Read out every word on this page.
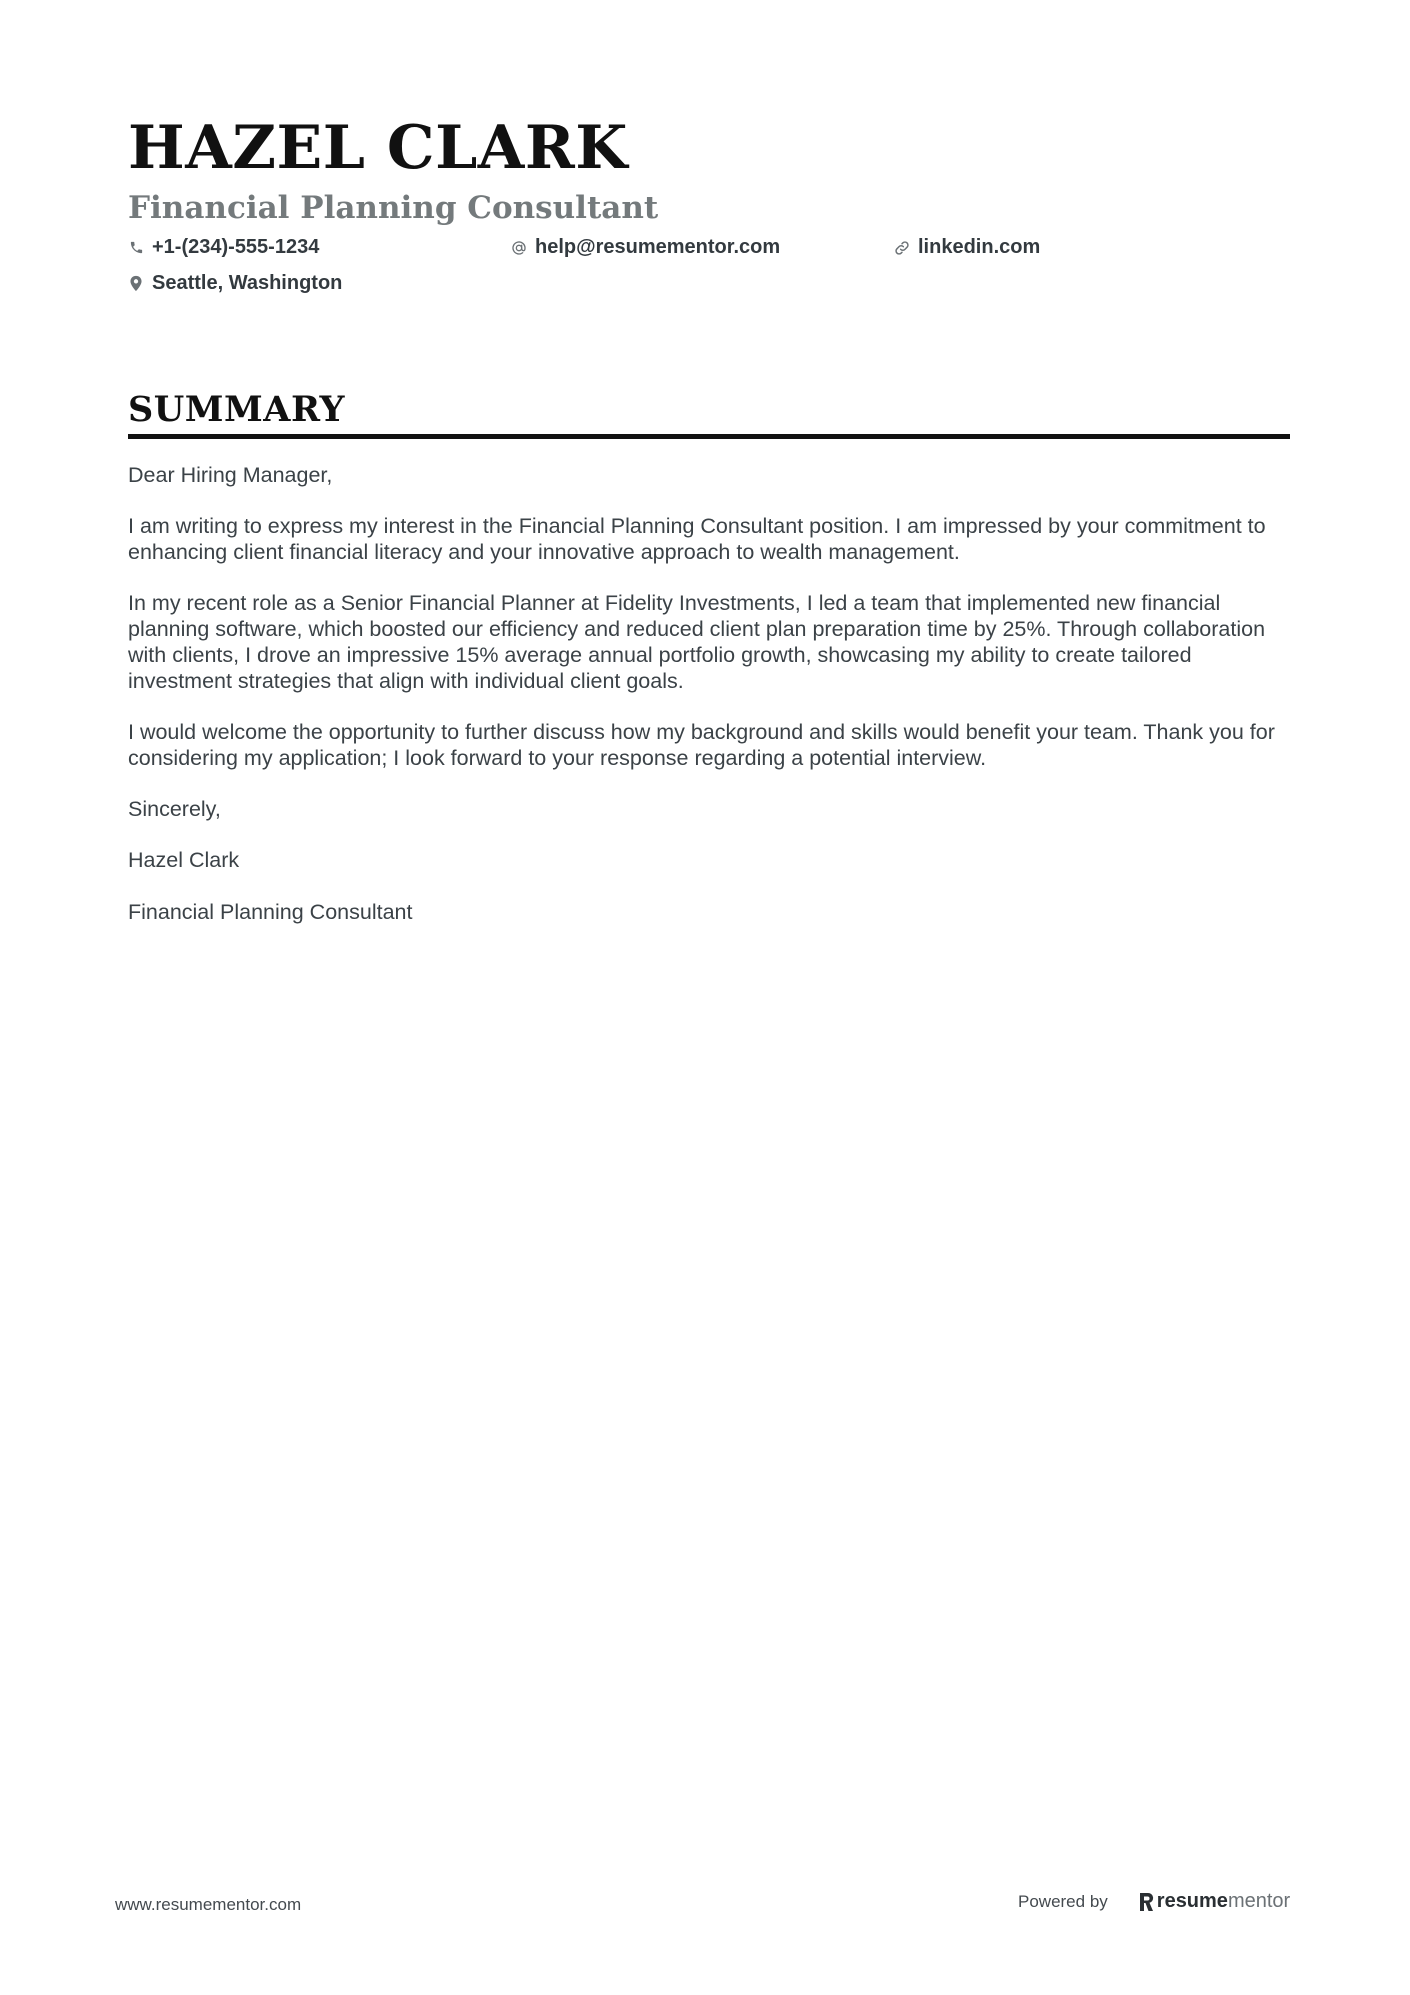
HAZEL CLARK
Financial Planning Consultant
+1-(234)-555-1234	help@resumementor.com	linkedin.com
Seattle, Washington
SUMMARY

Dear Hiring Manager,

I am writing to express my interest in the Financial Planning Consultant position. I am impressed by your commitment to enhancing client financial literacy and your innovative approach to wealth management.

In my recent role as a Senior Financial Planner at Fidelity Investments, I led a team that implemented new financial planning software, which boosted our efficiency and reduced client plan preparation time by 25%. Through collaboration with clients, I drove an impressive 15% average annual portfolio growth, showcasing my ability to create tailored investment strategies that align with individual client goals.

I would welcome the opportunity to further discuss how my background and skills would benefit your team. Thank you for considering my application; I look forward to your response regarding a potential interview.

Sincerely,

Hazel Clark

Financial Planning Consultant

www.resumementor.com	Powered by resume mentor
